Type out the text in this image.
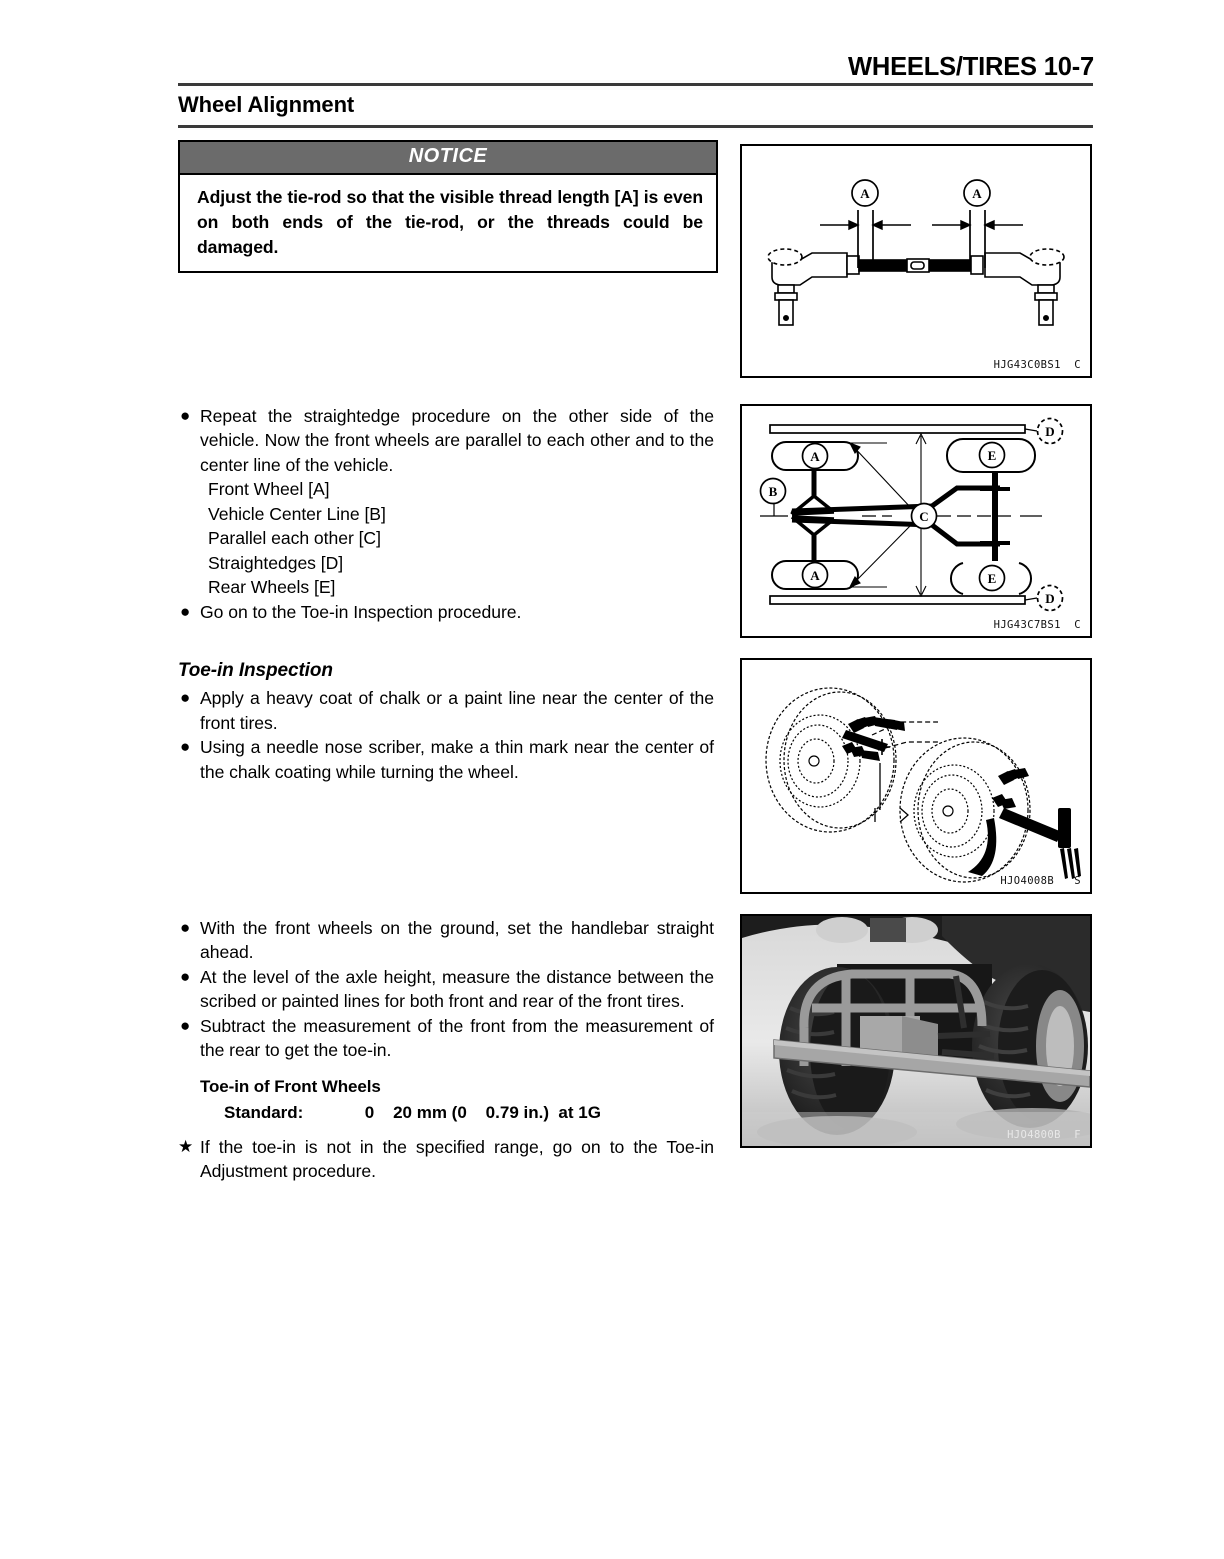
WHEELS/TIRES 10-7
Wheel Alignment
NOTICE
Adjust the tie-rod so that the visible thread length [A] is even on both ends of the tie-rod, or the threads could be damaged.
● Repeat the straightedge procedure on the other side of the vehicle. Now the front wheels are parallel to each other and to the center line of the vehicle.
Front Wheel [A]
Vehicle Center Line [B]
Parallel each other [C]
Straightedges [D]
Rear Wheels [E]
● Go on to the Toe-in Inspection procedure.
Toe-in Inspection
● Apply a heavy coat of chalk or a paint line near the center of the front tires.
● Using a needle nose scriber, make a thin mark near the center of the chalk coating while turning the wheel.
● With the front wheels on the ground, set the handlebar straight ahead.
● At the level of the axle height, measure the distance between the scribed or painted lines for both front and rear of the front tires.
● Subtract the measurement of the front from the measurement of the rear to get the toe-in.
Toe-in of Front Wheels
Standard:             0    20 mm (0    0.79 in.)  at 1G
★ If the toe-in is not in the specified range, go on to the Toe-in Adjustment procedure.
A	A
HJG43C0BS1  C
A
A
B
C
D
D
E
E
HJG43C7BS1  C
HJO4008B   S
HJO4800B  F
